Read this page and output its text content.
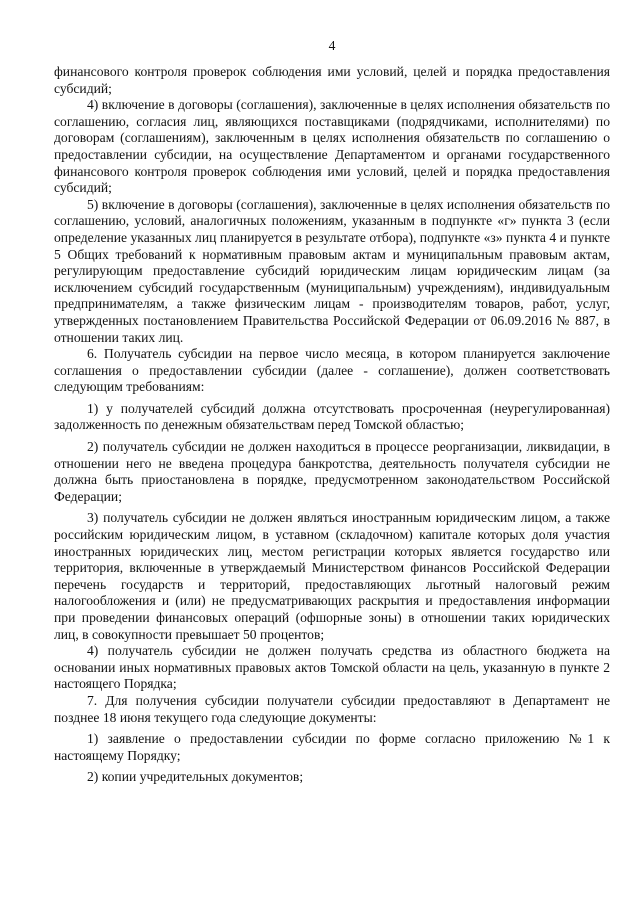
4

финансового контроля проверок соблюдения ими условий, целей и порядка предоставления субсидий;

4) включение в договоры (соглашения), заключенные в целях исполнения обязательств по соглашению, согласия лиц, являющихся поставщиками (подрядчиками, исполнителями) по договорам (соглашениям), заключенным в целях исполнения обязательств по соглашению о предоставлении субсидии, на осуществление Департаментом и органами государственного финансового контроля проверок соблюдения ими условий, целей и порядка предоставления субсидий;

5) включение в договоры (соглашения), заключенные в целях исполнения обязательств по соглашению, условий, аналогичных положениям, указанным в подпункте «г» пункта 3 (если определение указанных лиц планируется в результате отбора), подпункте «з» пункта 4 и пункте 5 Общих требований к нормативным правовым актам и муниципальным правовым актам, регулирующим предоставление субсидий юридическим лицам юридическим лицам (за исключением субсидий государственным (муниципальным) учреждениям), индивидуальным предпринимателям, а также физическим лицам - производителям товаров, работ, услуг, утвержденных постановлением Правительства Российской Федерации от 06.09.2016 № 887, в отношении таких лиц.

6. Получатель субсидии на первое число месяца, в котором планируется заключение соглашения о предоставлении субсидии (далее - соглашение), должен соответствовать следующим требованиям:

1) у получателей субсидий должна отсутствовать просроченная (неурегулированная) задолженность по денежным обязательствам перед Томской областью;

2) получатель субсидии не должен находиться в процессе реорганизации, ликвидации, в отношении него не введена процедура банкротства, деятельность получателя субсидии не должна быть приостановлена в порядке, предусмотренном законодательством Российской Федерации;

3) получатель субсидии не должен являться иностранным юридическим лицом, а также российским юридическим лицом, в уставном (складочном) капитале которых доля участия иностранных юридических лиц, местом регистрации которых является государство или территория, включенные в утверждаемый Министерством финансов Российской Федерации перечень государств и территорий, предоставляющих льготный налоговый режим налогообложения и (или) не предусматривающих раскрытия и предоставления информации при проведении финансовых операций (офшорные зоны) в отношении таких юридических лиц, в совокупности превышает 50 процентов;

4) получатель субсидии не должен получать средства из областного бюджета на основании иных нормативных правовых актов Томской области на цель, указанную в пункте 2 настоящего Порядка;

7. Для получения субсидии получатели субсидии предоставляют в Департамент не позднее 18 июня текущего года следующие документы:

1) заявление о предоставлении субсидии по форме согласно приложению №1 к настоящему Порядку;

2) копии учредительных документов;
